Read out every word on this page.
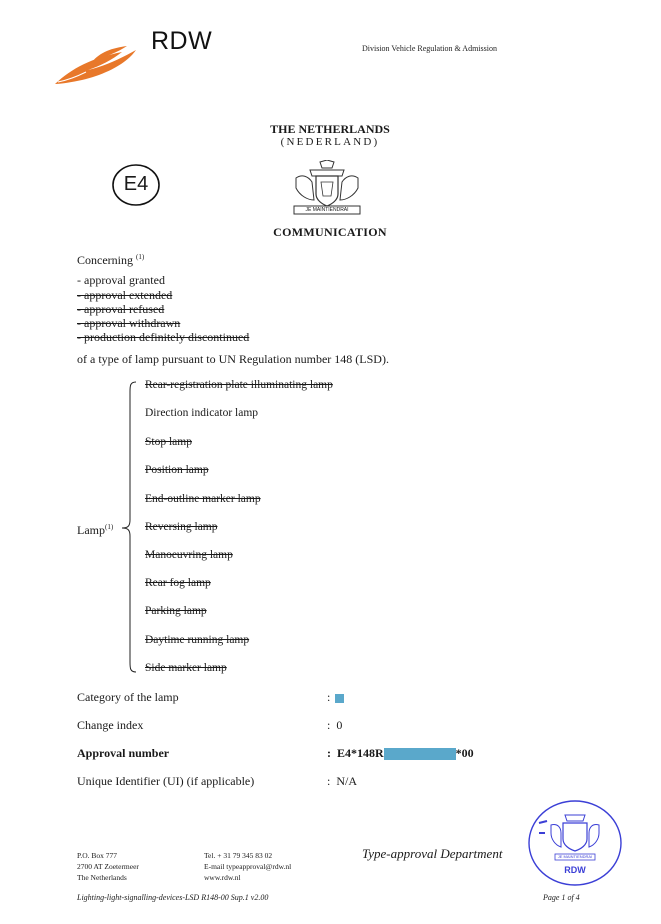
RDW	Division Vehicle Regulation & Admission
THE NETHERLANDS
(NEDERLAND)
E4
JE MAINTIENDRAI
COMMUNICATION
Concerning $^{(1)}$
- approval granted
- approval extended
- approval refused
- approval withdrawn
- production definitely discontinued
of a type of lamp pursuant to UN Regulation number 148 (LSD).
Lamp$^{(1)}$
Rear-registration plate illuminating lamp
Direction indicator lamp
Stop lamp
Position lamp
End-outline marker lamp
Reversing lamp
Manoeuvring lamp
Rear fog lamp
Parking lamp
Daytime running lamp
Side marker lamp
Category of the lamp	:
Change index	: 0
Approval number	: E4*148R	*00
Unique Identifier (UI) (if applicable)	: N/A
P.O. Box 777
2700 AT Zoetermeer
The Netherlands
Tel. + 31 79 345 83 02
E-mail typeapproval@rdw.nl
www.rdw.nl
Type-approval Department	JE MAINTIENDRAI
RDW
Lighting-light-signalling-devices-LSD R148-00 Sup.1 v2.00	Page 1 of 4
